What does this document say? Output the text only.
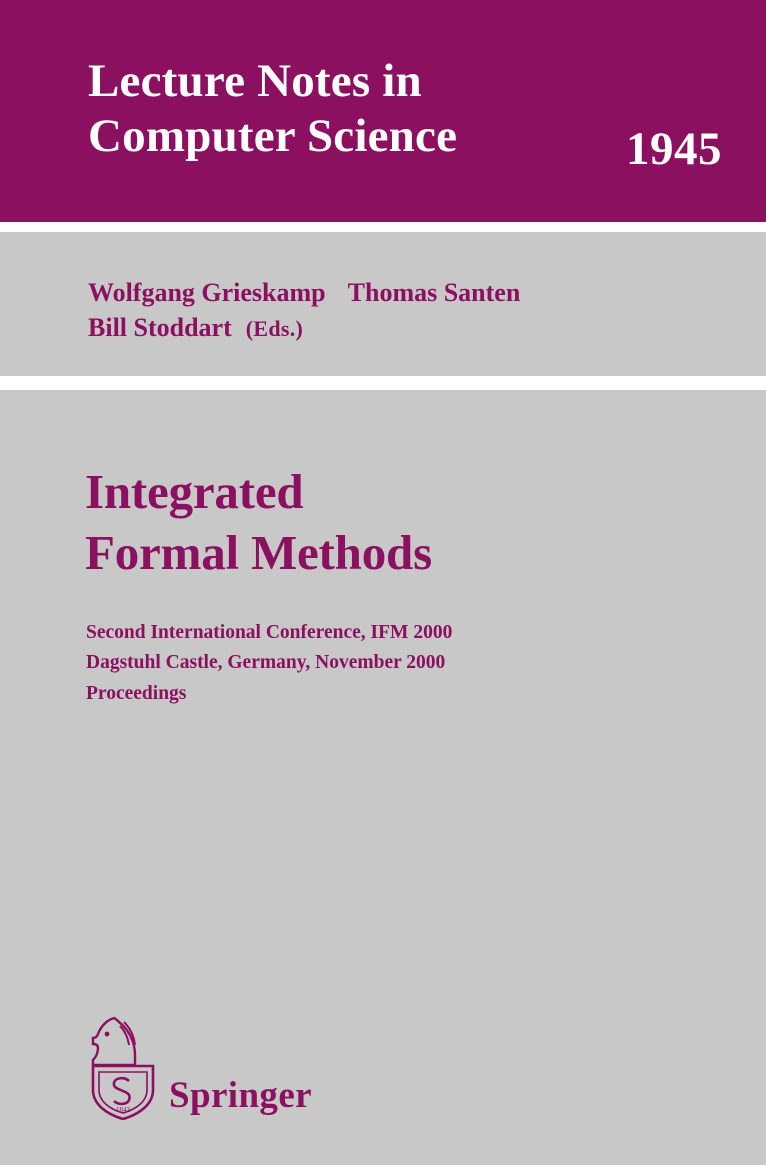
Lecture Notes in
Computer Science	1945
Wolfgang Grieskamp Thomas Santen
Bill Stoddart (Eds.)
Integrated
Formal Methods
Second International Conference, IFM 2000
Dagstuhl Castle, Germany, November 2000
Proceedings
1842 Springer
